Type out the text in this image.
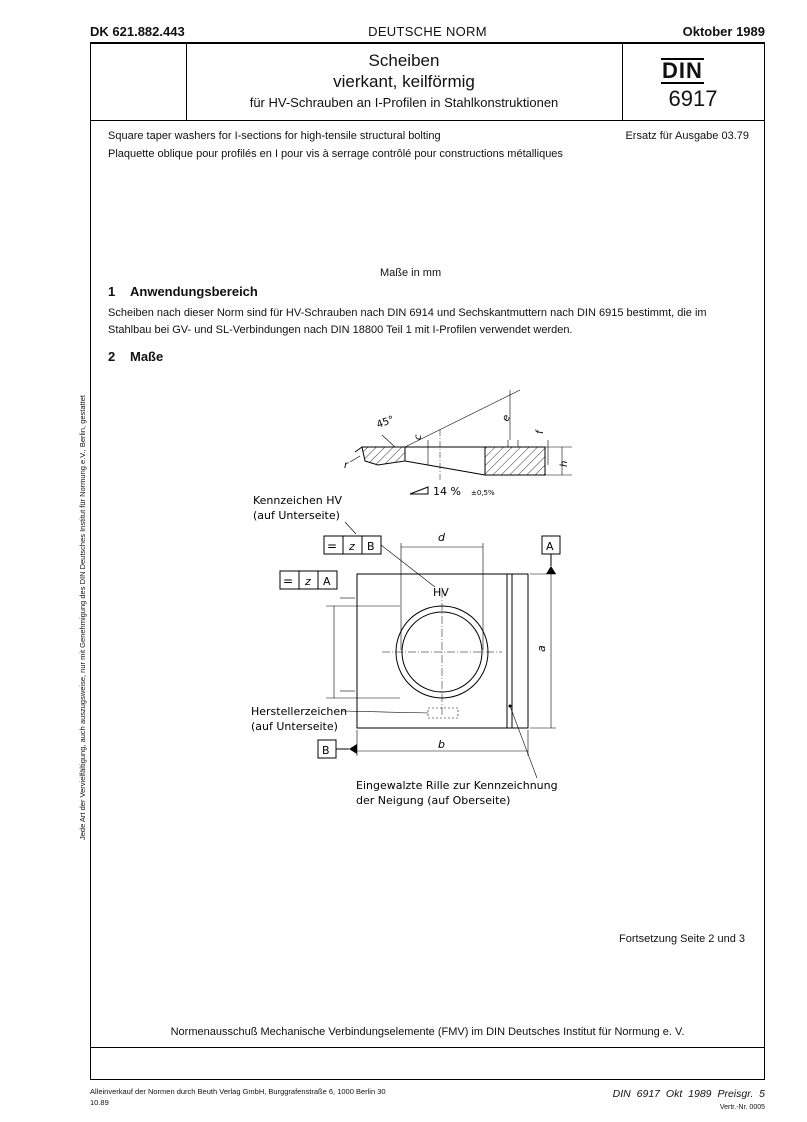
DK 621.882.443	DEUTSCHE NORM	Oktober 1989
Scheiben
vierkant, keilförmig
für HV-Schrauben an I-Profilen in Stahlkonstruktionen
DIN
6917
Square taper washers for I-sections for high-tensile structural bolting
Plaquette oblique pour profilés en I pour vis à serrage contrôlé pour constructions métalliques
Ersatz für Ausgabe 03.79
Maße in mm
1 Anwendungsbereich
Scheiben nach dieser Norm sind für HV-Schrauben nach DIN 6914 und Sechskantmuttern nach DIN 6915 bestimmt, die im Stahlbau bei GV- und SL-Verbindungen nach DIN 18800 Teil 1 mit I-Profilen verwendet werden.
2 Maße
45°
c
e
f
h
r
14 % ±0,5%
Kennzeichen HV
(auf Unterseite)
= z B
= z A
A
HV
d
a
Herstellerzeichen
(auf Unterseite)
B	b
Eingewalzte Rille zur Kennzeichnung
der Neigung (auf Oberseite)
Jede Art der Vervielfältigung, auch auszugsweise, nur mit Genehmigung des DIN Deutsches Institut für Normung e.V., Berlin, gestattet
Fortsetzung Seite 2 und 3
Normenausschuß Mechanische Verbindungselemente (FMV) im DIN Deutsches Institut für Normung e. V.
Alleinverkauf der Normen durch Beuth Verlag GmbH, Burggrafenstraße 6, 1000 Berlin 30
10.89
DIN 6917 Okt 1989 Preisgr. 5
Vertr.-Nr. 0005
